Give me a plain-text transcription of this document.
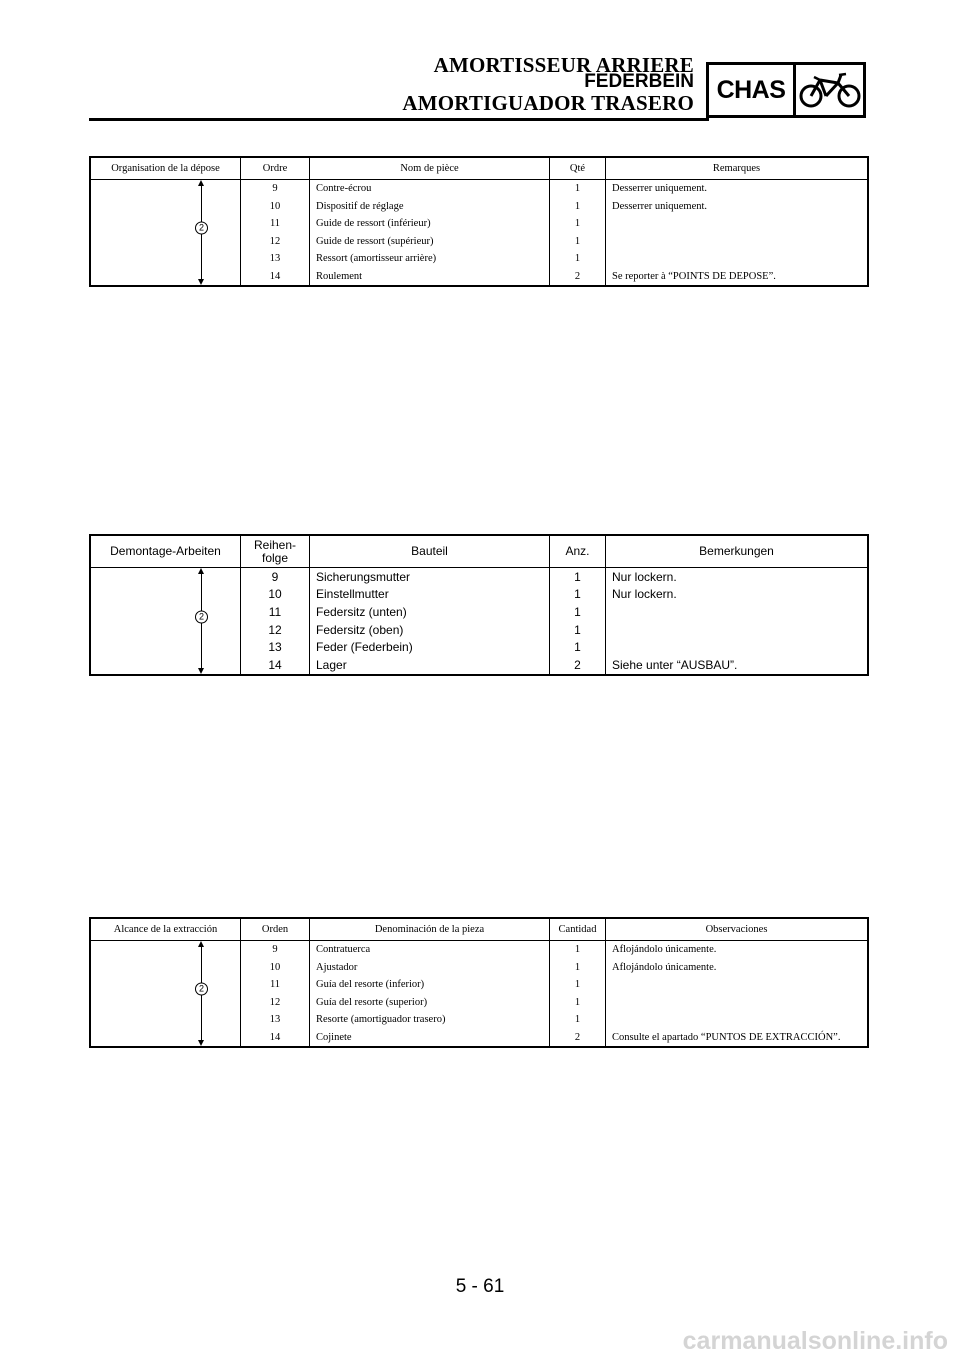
AMORTISSEUR ARRIERE
FEDERBEIN
AMORTIGUADOR TRASERO CHAS
Organisation de la dépose	Ordre	Nom de pièce	Qté	Remarques
2
9	Contre-écrou	1	Desserrer uniquement.
10	Dispositif de réglage	1	Desserrer uniquement.
11	Guide de ressort (inférieur)	1
12	Guide de ressort (supérieur)	1
13	Ressort (amortisseur arrière)	1
14	Roulement	2	Se reporter à “POINTS DE DEPOSE”.
Demontage-Arbeiten	Reihen-
folge	Bauteil	Anz.	Bemerkungen
2
9	Sicherungsmutter	1	Nur lockern.
10	Einstellmutter	1	Nur lockern.
11	Federsitz (unten)	1
12	Federsitz (oben)	1
13	Feder (Federbein)	1
14	Lager	2	Siehe unter “AUSBAU”.
Alcance de la extracción	Orden	Denominación de la pieza	Cantidad	Observaciones
2
9	Contratuerca	1	Aflojándolo únicamente.
10	Ajustador	1	Aflojándolo únicamente.
11	Guía del resorte (inferior)	1
12	Guía del resorte (superior)	1
13	Resorte (amortiguador trasero)	1
14	Cojinete	2	Consulte el apartado “PUNTOS DE EXTRACCIÓN”.
5 - 61
carmanualsonline.info
